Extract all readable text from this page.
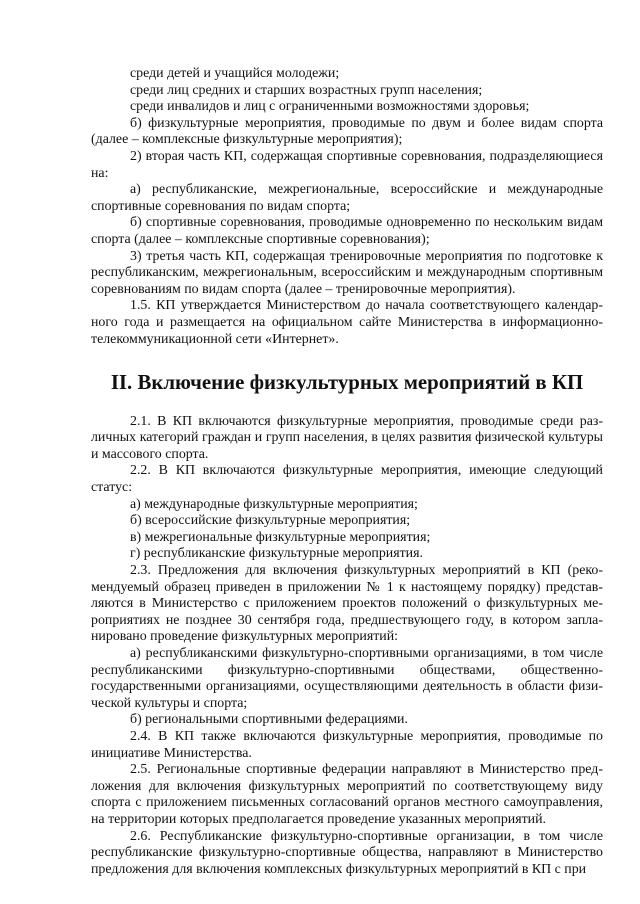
среди детей и учащийся молодежи;

среди лиц средних и старших возрастных групп населения;

среди инвалидов и лиц с ограниченными возможностями здоровья;

б) физкультурные мероприятия, проводимые по двум и более видам спорта (далее – комплексные физкультурные мероприятия);

2) вторая часть КП, содержащая спортивные соревнования, подразделяющиеся на:

а) республиканские, межрегиональные, всероссийские и международные спортивные соревнования по видам спорта;

б) спортивные соревнования, проводимые одновременно по нескольким видам спорта (далее – комплексные спортивные соревнования);

3) третья часть КП, содержащая тренировочные мероприятия по подготовке к республиканским, межрегиональным, всероссийским и международным спортивным соревнованиям по видам спорта (далее – тренировочные мероприятия).

1.5. КП утверждается Министерством до начала соответствующего календарного года и размещается на официальном сайте Министерства в информационно-телекоммуникационной сети «Интернет».

II. Включение физкультурных мероприятий в КП

2.1. В КП включаются физкультурные мероприятия, проводимые среди различных категорий граждан и групп населения, в целях развития физической культуры и массового спорта.

2.2. В КП включаются физкультурные мероприятия, имеющие следующий статус:

а) международные физкультурные мероприятия;

б) всероссийские физкультурные мероприятия;

в) межрегиональные физкультурные мероприятия;

г) республиканские физкультурные мероприятия.

2.3. Предложения для включения физкультурных мероприятий в КП (рекомендуемый образец приведен в приложении № 1 к настоящему порядку) представляются в Министерство с приложением проектов положений о физкультурных мероприятиях не позднее 30 сентября года, предшествующего году, в котором запланировано проведение физкультурных мероприятий:

а) республиканскими физкультурно-спортивными организациями, в том числе республиканскими физкультурно-спортивными обществами, общественно-государственными организациями, осуществляющими деятельность в области физической культуры и спорта;

б) региональными спортивными федерациями.

2.4. В КП также включаются физкультурные мероприятия, проводимые по инициативе Министерства.

2.5. Региональные спортивные федерации направляют в Министерство предложения для включения физкультурных мероприятий по соответствующему виду спорта с приложением письменных согласований органов местного самоуправления, на территории которых предполагается проведение указанных мероприятий.

2.6. Республиканские физкультурно-спортивные организации, в том числе республиканские физкультурно-спортивные общества, направляют в Министерство предложения для включения комплексных физкультурных мероприятий в КП с при
